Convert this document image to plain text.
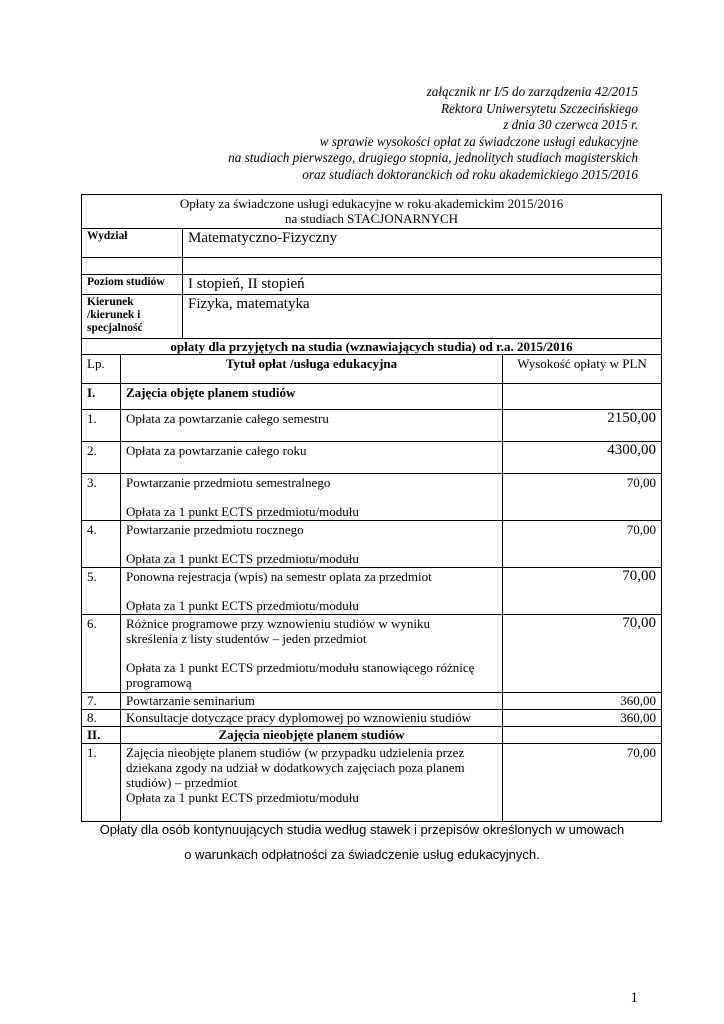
załącznik nr I/5 do zarządzenia 42/2015
Rektora Uniwersytetu Szczecińskiego
z dnia 30 czerwca 2015 r.
w sprawie wysokości opłat za świadczone usługi edukacyjne
na studiach pierwszego, drugiego stopnia, jednolitych studiach magisterskich
oraz studiach doktoranckich od roku akademickiego 2015/2016
Opłaty za świadczone usługi edukacyjne w roku akademickim 2015/2016
na studiach STACJONARNYCH			

Wydział		Matematyczno-Fizyczny	

Poziom studiów		I stopień, II stopień	

Kierunek
/kierunek i
specjalność		Fizyka, matematyka	
opłaty dla przyjętych na studia (wznawiających studia) od r.a. 2015/2016			
Lp.	Tytuł opłat /usługa edukacyjna		Wysokość opłaty w PLN
I.	Zajęcia objęte planem studiów		
1.	Opłata za powtarzanie całego semestru		2150,00
2.	Opłata za powtarzanie całego roku		4300,00
3.	Powtarzanie przedmiotu semestralnego
Opłata za 1 punkt ECTS przedmiotu/modułu		70,00
4.	Powtarzanie przedmiotu rocznego
Opłata za 1 punkt ECTS przedmiotu/modułu		70,00
5.	Ponowna rejestracja (wpis) na semestr oplata za przedmiot
Opłata za 1 punkt ECTS przedmiotu/modułu		70,00
6.	Różnice programowe przy wznowieniu studiów w wyniku
skreślenia z listy studentów – jeden przedmiot
Opłata za 1 punkt ECTS przedmiotu/modułu stanowiącego różnicę
programową		70,00
7.	Powtarzanie seminarium		360,00
8.	Konsultacje dotyczące pracy dyplomowej po wznowieniu studiów		360,00
II.	Zajęcia nieobjęte planem studiów		
1.	Zajęcia nieobjęte planem studiów (w przypadku udzielenia przez
dziekana zgody na udział w dodatkowych zajęciach poza planem
studiów) – przedmiot
Opłata za 1 punkt ECTS przedmiotu/modułu		70,00
Opłaty dla osób kontynuujących studia według stawek i przepisów określonych w umowach
o warunkach odpłatności za świadczenie usług edukacyjnych.
1
